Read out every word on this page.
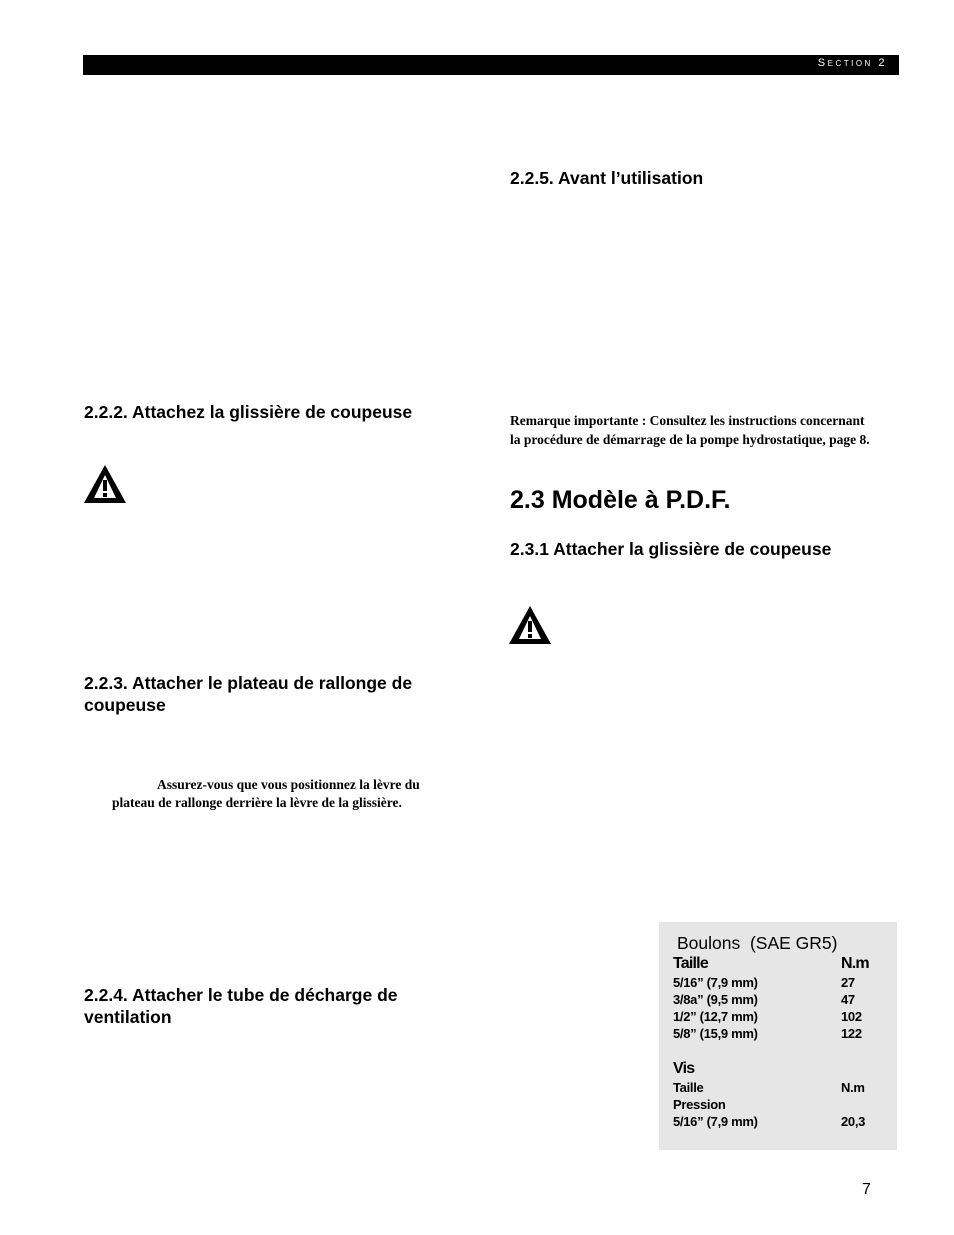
Section 2
2.2.2. Attachez la glissière de coupeuse
2.2.3. Attacher le plateau de rallonge de coupeuse

Assurez-vous que vous positionnez la lèvre du

plateau de rallonge derrière la lèvre de la glissière.

2.2.4. Attacher le tube de décharge de ventilation
2.2.5. Avant l’utilisation

Remarque importante : Consultez les instructions concernant la procédure de démarrage de la pompe hydrostatique, page 8.

2.3 Modèle à P.D.F.
2.3.1 Attacher la glissière de coupeuse
Boulons  (SAE GR5)
Taille	N.m
5/16” (7,9 mm)	27
3/8a” (9,5 mm)	47
1/2” (12,7 mm)	102
5/8” (15,9 mm)	122
Vis
Taille	N.m
Pression
5/16” (7,9 mm)	20,3
7
